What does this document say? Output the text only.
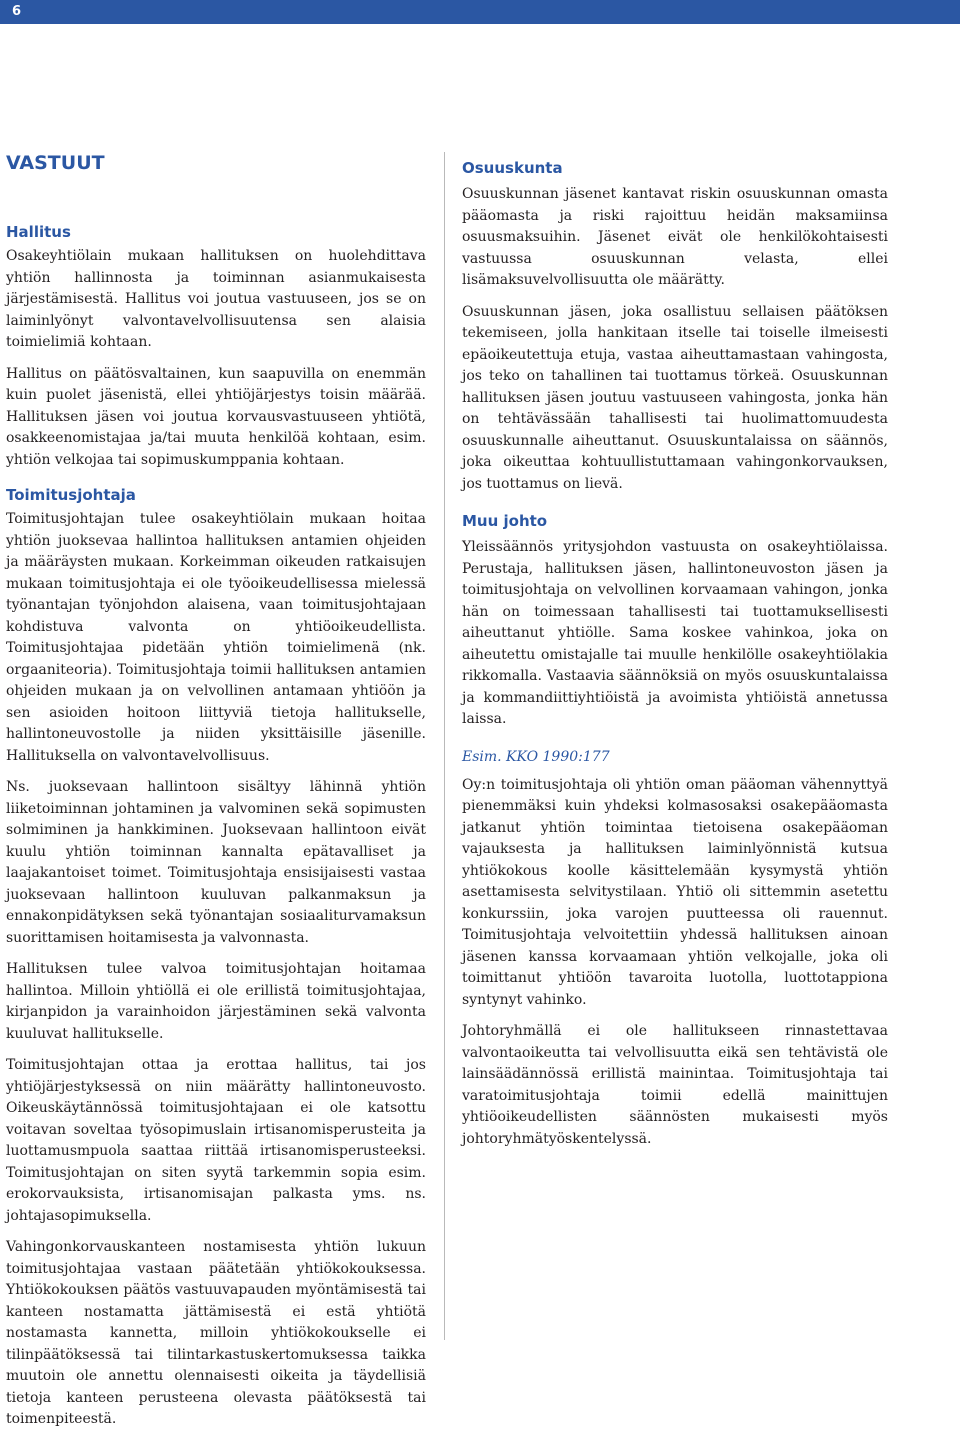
6
VASTUUT
Hallitus

Osakeyhtiölain mukaan hallituksen on huolehdittava yhtiön hallinnosta ja toiminnan asianmukaisesta järjestämisestä. Hallitus voi joutua vastuuseen, jos se on laiminlyönyt valvontavelvollisuutensa sen alaisia toimielimiä kohtaan.

Hallitus on päätösvaltainen, kun saapuvilla on enemmän kuin puolet jäsenistä, ellei yhtiöjärjestys toisin määrää. Hallituksen jäsen voi joutua korvausvastuuseen yhtiötä, osakkeenomistajaa ja/tai muuta henkilöä kohtaan, esim. yhtiön velkojaa tai sopimuskumppania kohtaan.

Toimitusjohtaja

Toimitusjohtajan tulee osakeyhtiölain mukaan hoitaa yhtiön juoksevaa hallintoa hallituksen antamien ohjeiden ja määräysten mukaan. Korkeimman oikeuden ratkaisujen mukaan toimitusjohtaja ei ole työoikeudellisessa mielessä työnantajan työnjohdon alaisena, vaan toimitusjohtajaan kohdistuva valvonta on yhtiöoikeudellista. Toimitusjohtajaa pidetään yhtiön toimielimenä (nk. orgaaniteoria). Toimitusjohtaja toimii hallituksen antamien ohjeiden mukaan ja on velvollinen antamaan yhtiöön ja sen asioiden hoitoon liittyviä tietoja hallitukselle, hallintoneuvostolle ja niiden yksittäisille jäsenille. Hallituksella on valvontavelvollisuus.

Ns. juoksevaan hallintoon sisältyy lähinnä yhtiön liiketoiminnan johtaminen ja valvominen sekä sopimusten solmiminen ja hankkiminen. Juoksevaan hallintoon eivät kuulu yhtiön toiminnan kannalta epätavalliset ja laajakantoiset toimet. Toimitusjohtaja ensisijaisesti vastaa juoksevaan hallintoon kuuluvan palkanmaksun ja ennakonpidätyksen sekä työnantajan sosiaaliturvamaksun suorittamisen hoitamisesta ja valvonnasta.

Hallituksen tulee valvoa toimitusjohtajan hoitamaa hallintoa. Milloin yhtiöllä ei ole erillistä toimitusjohtajaa, kirjanpidon ja varainhoidon järjestäminen sekä valvonta kuuluvat hallitukselle.

Toimitusjohtajan ottaa ja erottaa hallitus, tai jos yhtiöjärjestyksessä on niin määrätty hallintoneuvosto. Oikeuskäytännössä toimitusjohtajaan ei ole katsottu voitavan soveltaa työsopimuslain irtisanomisperusteita ja luottamusmpuola saattaa riittää irtisanomisperusteeksi. Toimitusjohtajan on siten syytä tarkemmin sopia esim. erokorvauksista, irtisanomisajan palkasta yms. ns. johtajasopimuksella.

Vahingonkorvauskanteen nostamisesta yhtiön lukuun toimitusjohtajaa vastaan päätetään yhtiökokouksessa. Yhtiökokouksen päätös vastuuvapauden myöntämisestä tai kanteen nostamatta jättämisestä ei estä yhtiötä nostamasta kannetta, milloin yhtiökokoukselle ei tilinpäätöksessä tai tilintarkastuskertomuksessa taikka muutoin ole annettu olennaisesti oikeita ja täydellisiä tietoja kanteen perusteena olevasta päätöksestä tai toimenpiteestä.

Osuuskunta

Osuuskunnan jäsenet kantavat riskin osuuskunnan omasta pääomasta ja riski rajoittuu heidän maksamiinsa osuusmaksuihin. Jäsenet eivät ole henkilökohtaisesti vastuussa osuuskunnan velasta, ellei lisämaksuvelvollisuutta ole määrätty.

Osuuskunnan jäsen, joka osallistuu sellaisen päätöksen tekemiseen, jolla hankitaan itselle tai toiselle ilmeisesti epäoikeutettuja etuja, vastaa aiheuttamastaan vahingosta, jos teko on tahallinen tai tuottamus törkeä. Osuuskunnan hallituksen jäsen joutuu vastuuseen vahingosta, jonka hän on tehtävässään tahallisesti tai huolimattomuudesta osuuskunnalle aiheuttanut. Osuuskuntalaissa on säännös, joka oikeuttaa kohtuullistuttamaan vahingonkorvauksen, jos tuottamus on lievä.

Muu johto

Yleissäännös yritysjohdon vastuusta on osakeyhtiölaissa. Perustaja, hallituksen jäsen, hallintoneuvoston jäsen ja toimitusjohtaja on velvollinen korvaamaan vahingon, jonka hän on toimessaan tahallisesti tai tuottamuksellisesti aiheuttanut yhtiölle. Sama koskee vahinkoa, joka on aiheutettu omistajalle tai muulle henkilölle osakeyhtiölakia rikkomalla. Vastaavia säännöksiä on myös osuuskuntalaissa ja kommandiittiyhtiöistä ja avoimista yhtiöistä annetussa laissa.

Esim. KKO 1990:177

Oy:n toimitusjohtaja oli yhtiön oman pääoman vähennyttyä pienemmäksi kuin yhdeksi kolmasosaksi osakepääomasta jatkanut yhtiön toimintaa tietoisena osakepääoman vajauksesta ja hallituksen laiminlyönnistä kutsua yhtiökokous koolle käsittelemään kysymystä yhtiön asettamisesta selvitystilaan. Yhtiö oli sittemmin asetettu konkurssiin, joka varojen puutteessa oli rauennut. Toimitusjohtaja velvoitettiin yhdessä hallituksen ainoan jäsenen kanssa korvaamaan yhtiön velkojalle, joka oli toimittanut yhtiöön tavaroita luotolla, luottotappiona syntynyt vahinko.

Johtoryhmällä ei ole hallitukseen rinnastettavaa valvontaoikeutta tai velvollisuutta eikä sen tehtävistä ole lainsäädännössä erillistä mainintaa. Toimitusjohtaja tai varatoimitusjohtaja toimii edellä mainittujen yhtiöoikeudellisten säännösten mukaisesti myös johtoryhmätyöskentelyssä.
